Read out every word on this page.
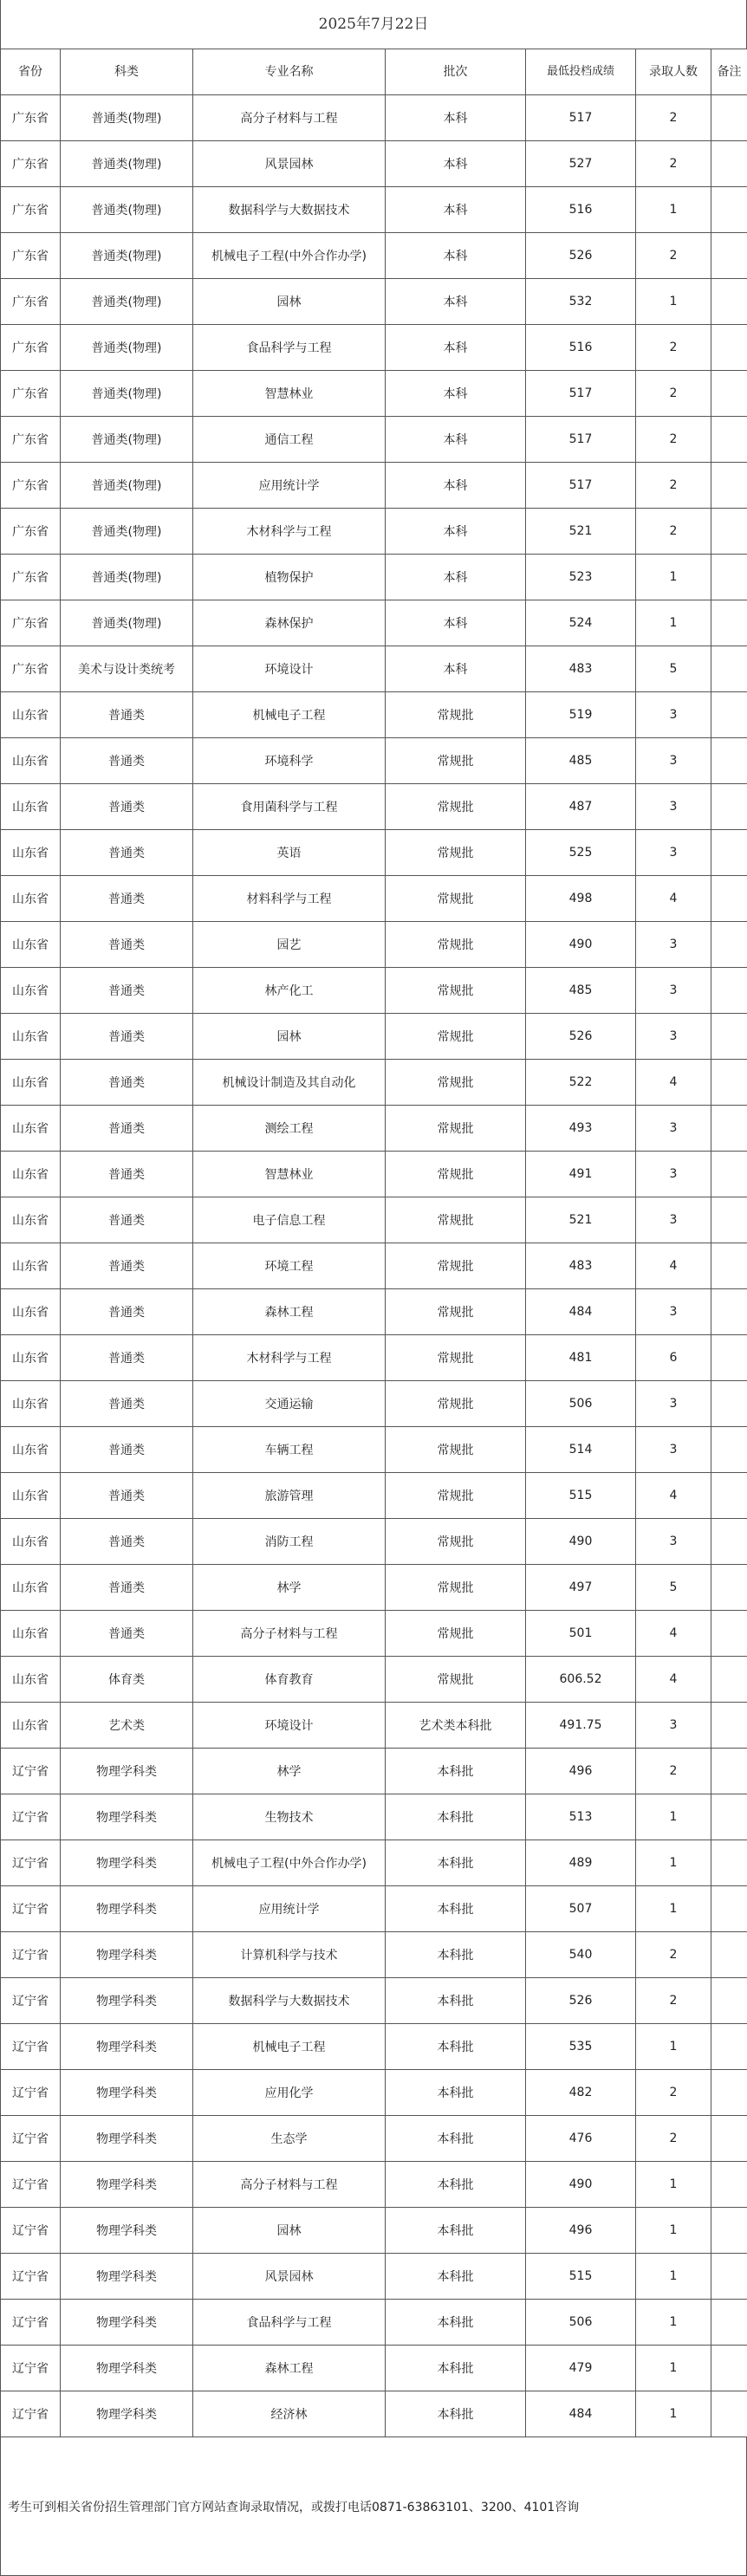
2025年7月22日
省份	科类	专业名称	批次	最低投档成绩	录取人数	备注
广东省	普通类(物理)	高分子材料与工程	本科	517	2	
广东省	普通类(物理)	风景园林	本科	527	2	
广东省	普通类(物理)	数据科学与大数据技术	本科	516	1	
广东省	普通类(物理)	机械电子工程(中外合作办学)	本科	526	2	
广东省	普通类(物理)	园林	本科	532	1	
广东省	普通类(物理)	食品科学与工程	本科	516	2	
广东省	普通类(物理)	智慧林业	本科	517	2	
广东省	普通类(物理)	通信工程	本科	517	2	
广东省	普通类(物理)	应用统计学	本科	517	2	
广东省	普通类(物理)	木材科学与工程	本科	521	2	
广东省	普通类(物理)	植物保护	本科	523	1	
广东省	普通类(物理)	森林保护	本科	524	1	
广东省	美术与设计类统考	环境设计	本科	483	5	
山东省	普通类	机械电子工程	常规批	519	3	
山东省	普通类	环境科学	常规批	485	3	
山东省	普通类	食用菌科学与工程	常规批	487	3	
山东省	普通类	英语	常规批	525	3	
山东省	普通类	材料科学与工程	常规批	498	4	
山东省	普通类	园艺	常规批	490	3	
山东省	普通类	林产化工	常规批	485	3	
山东省	普通类	园林	常规批	526	3	
山东省	普通类	机械设计制造及其自动化	常规批	522	4	
山东省	普通类	测绘工程	常规批	493	3	
山东省	普通类	智慧林业	常规批	491	3	
山东省	普通类	电子信息工程	常规批	521	3	
山东省	普通类	环境工程	常规批	483	4	
山东省	普通类	森林工程	常规批	484	3	
山东省	普通类	木材科学与工程	常规批	481	6	
山东省	普通类	交通运输	常规批	506	3	
山东省	普通类	车辆工程	常规批	514	3	
山东省	普通类	旅游管理	常规批	515	4	
山东省	普通类	消防工程	常规批	490	3	
山东省	普通类	林学	常规批	497	5	
山东省	普通类	高分子材料与工程	常规批	501	4	
山东省	体育类	体育教育	常规批	606.52	4	
山东省	艺术类	环境设计	艺术类本科批	491.75	3	
辽宁省	物理学科类	林学	本科批	496	2	
辽宁省	物理学科类	生物技术	本科批	513	1	
辽宁省	物理学科类	机械电子工程(中外合作办学)	本科批	489	1	
辽宁省	物理学科类	应用统计学	本科批	507	1	
辽宁省	物理学科类	计算机科学与技术	本科批	540	2	
辽宁省	物理学科类	数据科学与大数据技术	本科批	526	2	
辽宁省	物理学科类	机械电子工程	本科批	535	1	
辽宁省	物理学科类	应用化学	本科批	482	2	
辽宁省	物理学科类	生态学	本科批	476	2	
辽宁省	物理学科类	高分子材料与工程	本科批	490	1	
辽宁省	物理学科类	园林	本科批	496	1	
辽宁省	物理学科类	风景园林	本科批	515	1	
辽宁省	物理学科类	食品科学与工程	本科批	506	1	
辽宁省	物理学科类	森林工程	本科批	479	1	
辽宁省	物理学科类	经济林	本科批	484	1	
考生可到相关省份招生管理部门官方网站查询录取情况，或拨打电话0871-63863101、3200、4101咨询
